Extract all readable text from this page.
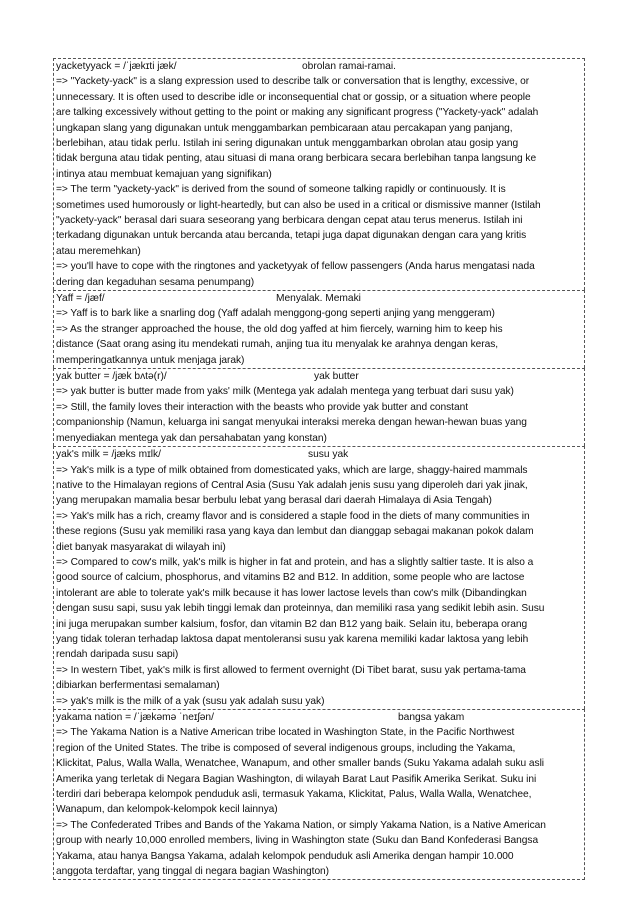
yacketyyack = /ˈjækɪti jæk/	obrolan ramai-ramai.
=> "Yackety-yack" is a slang expression used to describe talk or conversation that is lengthy, excessive, or
unnecessary. It is often used to describe idle or inconsequential chat or gossip, or a situation where people
are talking excessively without getting to the point or making any significant progress ("Yackety-yack" adalah
ungkapan slang yang digunakan untuk menggambarkan pembicaraan atau percakapan yang panjang,
berlebihan, atau tidak perlu. Istilah ini sering digunakan untuk menggambarkan obrolan atau gosip yang
tidak berguna atau tidak penting, atau situasi di mana orang berbicara secara berlebihan tanpa langsung ke
intinya atau membuat kemajuan yang signifikan)
=> The term "yackety-yack" is derived from the sound of someone talking rapidly or continuously. It is
sometimes used humorously or light-heartedly, but can also be used in a critical or dismissive manner (Istilah
"yackety-yack" berasal dari suara seseorang yang berbicara dengan cepat atau terus menerus. Istilah ini
terkadang digunakan untuk bercanda atau bercanda, tetapi juga dapat digunakan dengan cara yang kritis
atau meremehkan)
=> you'll have to cope with the ringtones and yacketyyak of fellow passengers (Anda harus mengatasi nada
dering dan kegaduhan sesama penumpang)
Yaff = /jæf/	Menyalak. Memaki
=> Yaff is to bark like a snarling dog (Yaff adalah menggong-gong seperti anjing yang menggeram)
=> As the stranger approached the house, the old dog yaffed at him fiercely, warning him to keep his
distance (Saat orang asing itu mendekati rumah, anjing tua itu menyalak ke arahnya dengan keras,
memperingatkannya untuk menjaga jarak)
yak butter = /jæk bʌtə(r)/	yak butter
=> yak butter is butter made from yaks' milk (Mentega yak adalah mentega yang terbuat dari susu yak)
=> Still, the family loves their interaction with the beasts who provide yak butter and constant
companionship (Namun, keluarga ini sangat menyukai interaksi mereka dengan hewan-hewan buas yang
menyediakan mentega yak dan persahabatan yang konstan)
yak's milk = /jæks mɪlk/	susu yak
=> Yak's milk is a type of milk obtained from domesticated yaks, which are large, shaggy-haired mammals
native to the Himalayan regions of Central Asia (Susu Yak adalah jenis susu yang diperoleh dari yak jinak,
yang merupakan mamalia besar berbulu lebat yang berasal dari daerah Himalaya di Asia Tengah)
=> Yak's milk has a rich, creamy flavor and is considered a staple food in the diets of many communities in
these regions (Susu yak memiliki rasa yang kaya dan lembut dan dianggap sebagai makanan pokok dalam
diet banyak masyarakat di wilayah ini)
=> Compared to cow's milk, yak's milk is higher in fat and protein, and has a slightly saltier taste. It is also a
good source of calcium, phosphorus, and vitamins B2 and B12. In addition, some people who are lactose
intolerant are able to tolerate yak's milk because it has lower lactose levels than cow's milk (Dibandingkan
dengan susu sapi, susu yak lebih tinggi lemak dan proteinnya, dan memiliki rasa yang sedikit lebih asin. Susu
ini juga merupakan sumber kalsium, fosfor, dan vitamin B2 dan B12 yang baik. Selain itu, beberapa orang
yang tidak toleran terhadap laktosa dapat mentoleransi susu yak karena memiliki kadar laktosa yang lebih
rendah daripada susu sapi)
=> In western Tibet, yak's milk is first allowed to ferment overnight (Di Tibet barat, susu yak pertama-tama
dibiarkan berfermentasi semalaman)
=> yak's milk is the milk of a yak (susu yak adalah susu yak)
yakama nation = /ˈjækəmə ˈneɪʃən/	bangsa yakam
=> The Yakama Nation is a Native American tribe located in Washington State, in the Pacific Northwest
region of the United States. The tribe is composed of several indigenous groups, including the Yakama,
Klickitat, Palus, Walla Walla, Wenatchee, Wanapum, and other smaller bands (Suku Yakama adalah suku asli
Amerika yang terletak di Negara Bagian Washington, di wilayah Barat Laut Pasifik Amerika Serikat. Suku ini
terdiri dari beberapa kelompok penduduk asli, termasuk Yakama, Klickitat, Palus, Walla Walla, Wenatchee,
Wanapum, dan kelompok-kelompok kecil lainnya)
=> The Confederated Tribes and Bands of the Yakama Nation, or simply Yakama Nation, is a Native American
group with nearly 10,000 enrolled members, living in Washington state (Suku dan Band Konfederasi Bangsa
Yakama, atau hanya Bangsa Yakama, adalah kelompok penduduk asli Amerika dengan hampir 10.000
anggota terdaftar, yang tinggal di negara bagian Washington)
